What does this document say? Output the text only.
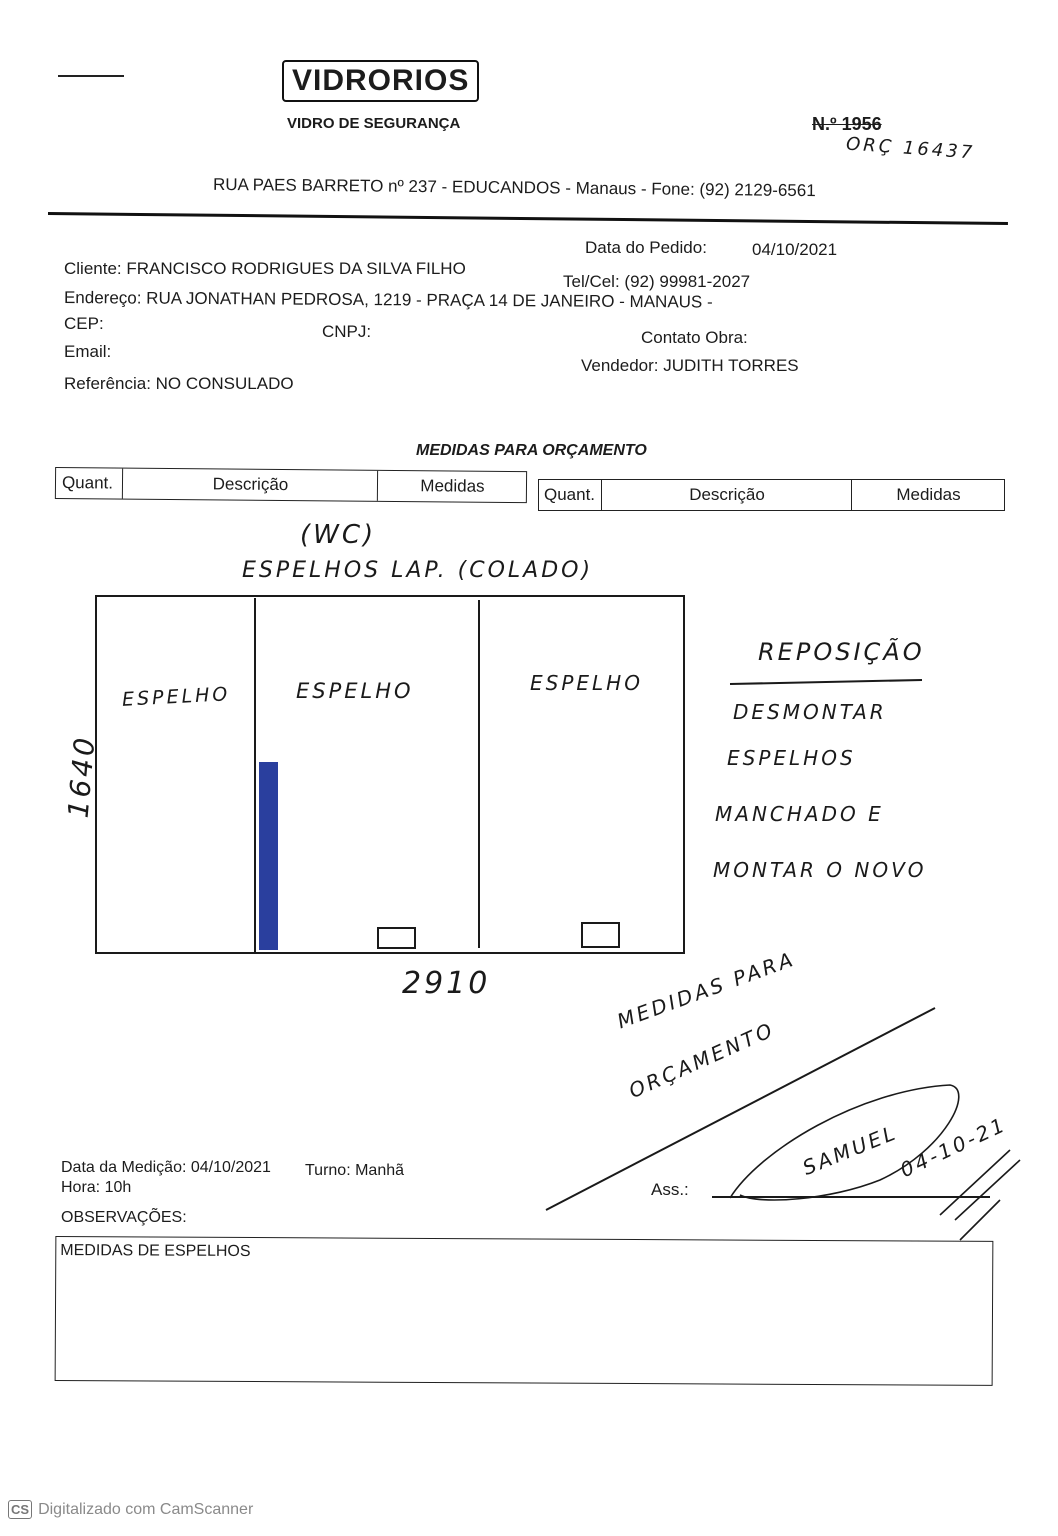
VIDRORIOS
VIDRO DE SEGURANÇA	N.º 1956
ORÇ 16437
RUA PAES BARRETO nº 237 - EDUCANDOS - Manaus - Fone: (92) 2129-6561
Data do Pedido:	04/10/2021
Cliente: FRANCISCO RODRIGUES DA SILVA FILHO
Tel/Cel: (92) 99981-2027
Endereço: RUA JONATHAN PEDROSA, 1219 - PRAÇA 14 DE JANEIRO - MANAUS -
CEP:	CNPJ:	Contato Obra:
Email:
Vendedor: JUDITH TORRES
Referência: NO CONSULADO
MEDIDAS PARA ORÇAMENTO
Quant.	Descrição	Medidas	Quant.	Descrição	Medidas
(WC)
ESPELHOS LAP. (COLADO)
ESPELHO	ESPELHO	ESPELHO
1640
2910
REPOSIÇÃO
DESMONTAR
ESPELHOS
MANCHADO E
MONTAR O NOVO
MEDIDAS PARA
ORÇAMENTO
Data da Medição: 04/10/2021 Turno: Manhã
Hora: 10h	Ass.:
SAMUEL
04-10-21
OBSERVAÇÕES:
MEDIDAS DE ESPELHOS
CS Digitalizado com CamScanner
